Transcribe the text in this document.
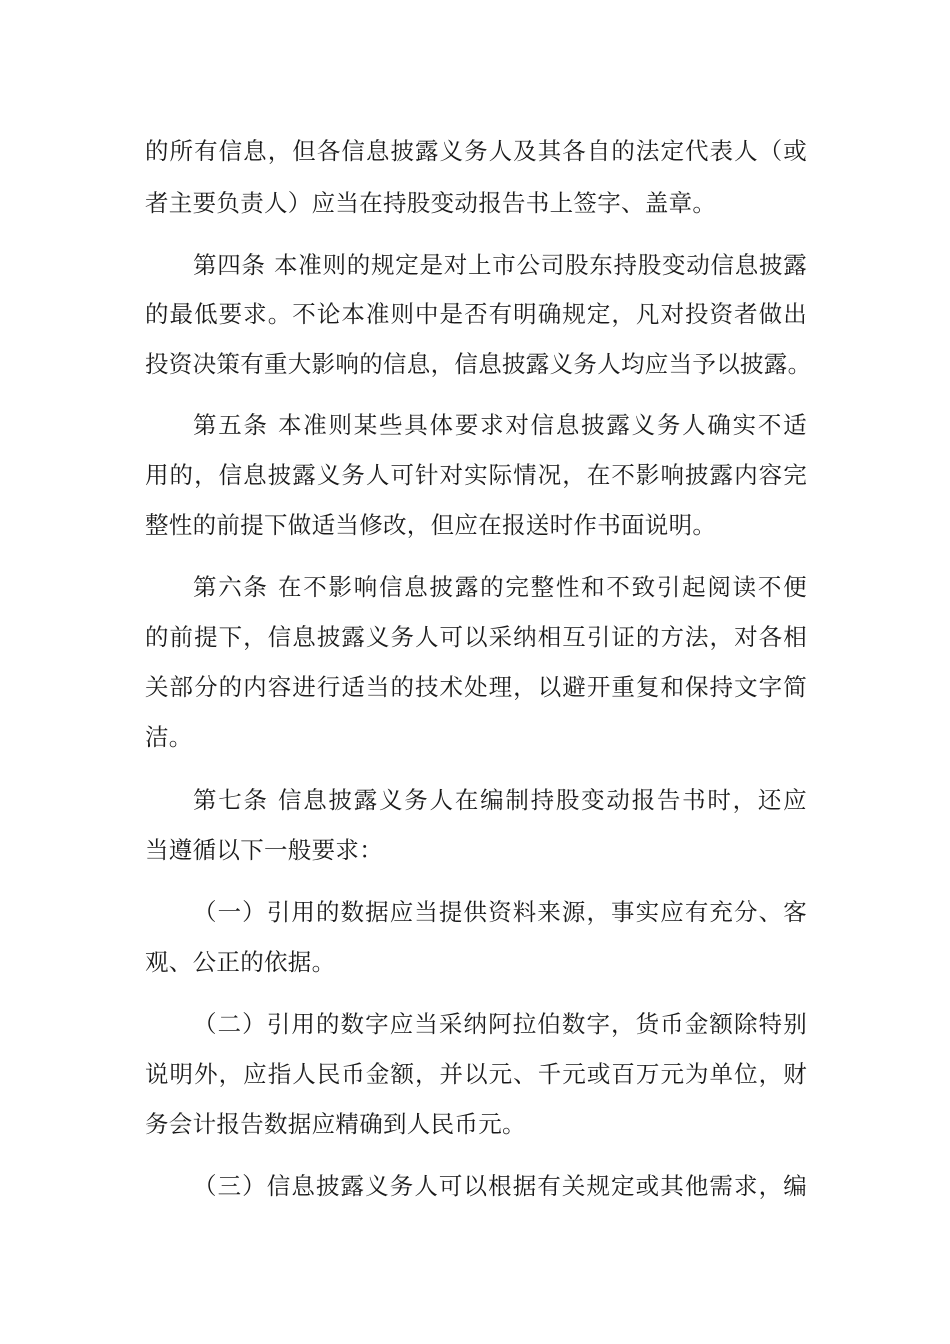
的所有信息，但各信息披露义务人及其各自的法定代表人（或
者主要负责人）应当在持股变动报告书上签字、盖章。
第四条 本准则的规定是对上市公司股东持股变动信息披露
的最低要求。不论本准则中是否有明确规定，凡对投资者做出
投资决策有重大影响的信息，信息披露义务人均应当予以披露。
第五条 本准则某些具体要求对信息披露义务人确实不适
用的，信息披露义务人可针对实际情况，在不影响披露内容完
整性的前提下做适当修改，但应在报送时作书面说明。
第六条 在不影响信息披露的完整性和不致引起阅读不便
的前提下，信息披露义务人可以采纳相互引证的方法，对各相
关部分的内容进行适当的技术处理，以避开重复和保持文字简
洁。
第七条 信息披露义务人在编制持股变动报告书时，还应
当遵循以下一般要求：
（一）引用的数据应当提供资料来源，事实应有充分、客
观、公正的依据。
（二）引用的数字应当采纳阿拉伯数字，货币金额除特别
说明外，应指人民币金额，并以元、千元或百万元为单位，财
务会计报告数据应精确到人民币元。
（三）信息披露义务人可以根据有关规定或其他需求，编
